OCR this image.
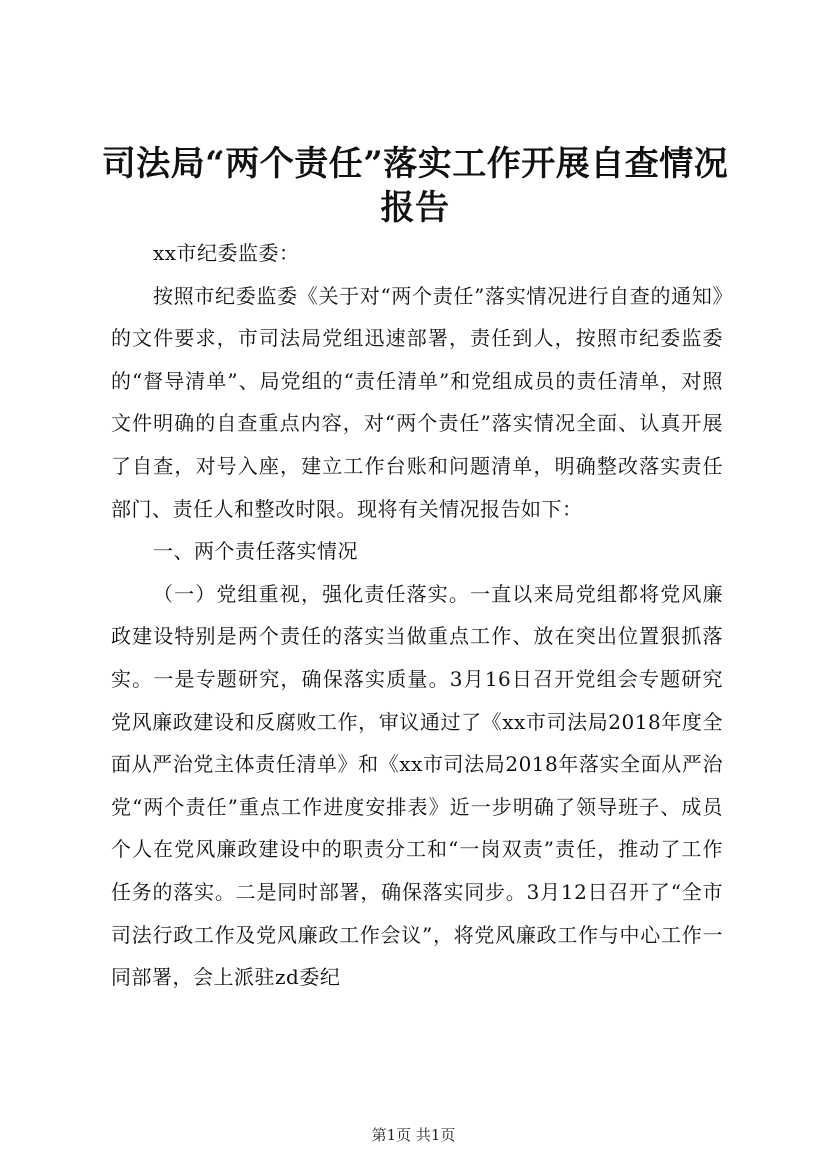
司法局“两个责任”落实工作开展自查情况报告

xx市纪委监委：

按照市纪委监委《关于对“两个责任”落实情况进行自查的通知》的文件要求，市司法局党组迅速部署，责任到人，按照市纪委监委的“督导清单”、局党组的“责任清单”和党组成员的责任清单，对照文件明确的自查重点内容，对“两个责任”落实情况全面、认真开展了自查，对号入座，建立工作台账和问题清单，明确整改落实责任部门、责任人和整改时限。现将有关情况报告如下：

一、两个责任落实情况

（一）党组重视，强化责任落实。一直以来局党组都将党风廉政建设特别是两个责任的落实当做重点工作、放在突出位置狠抓落实。一是专题研究，确保落实质量。3月16日召开党组会专题研究党风廉政建设和反腐败工作，审议通过了《xx市司法局2018年度全面从严治党主体责任清单》和《xx市司法局2018年落实全面从严治党“两个责任”重点工作进度安排表》近一步明确了领导班子、成员个人在党风廉政建设中的职责分工和“一岗双责”责任，推动了工作任务的落实。二是同时部署，确保落实同步。3月12日召开了“全市司法行政工作及党风廉政工作会议”，将党风廉政工作与中心工作一同部署，会上派驻zd委纪

第1页 共1页
